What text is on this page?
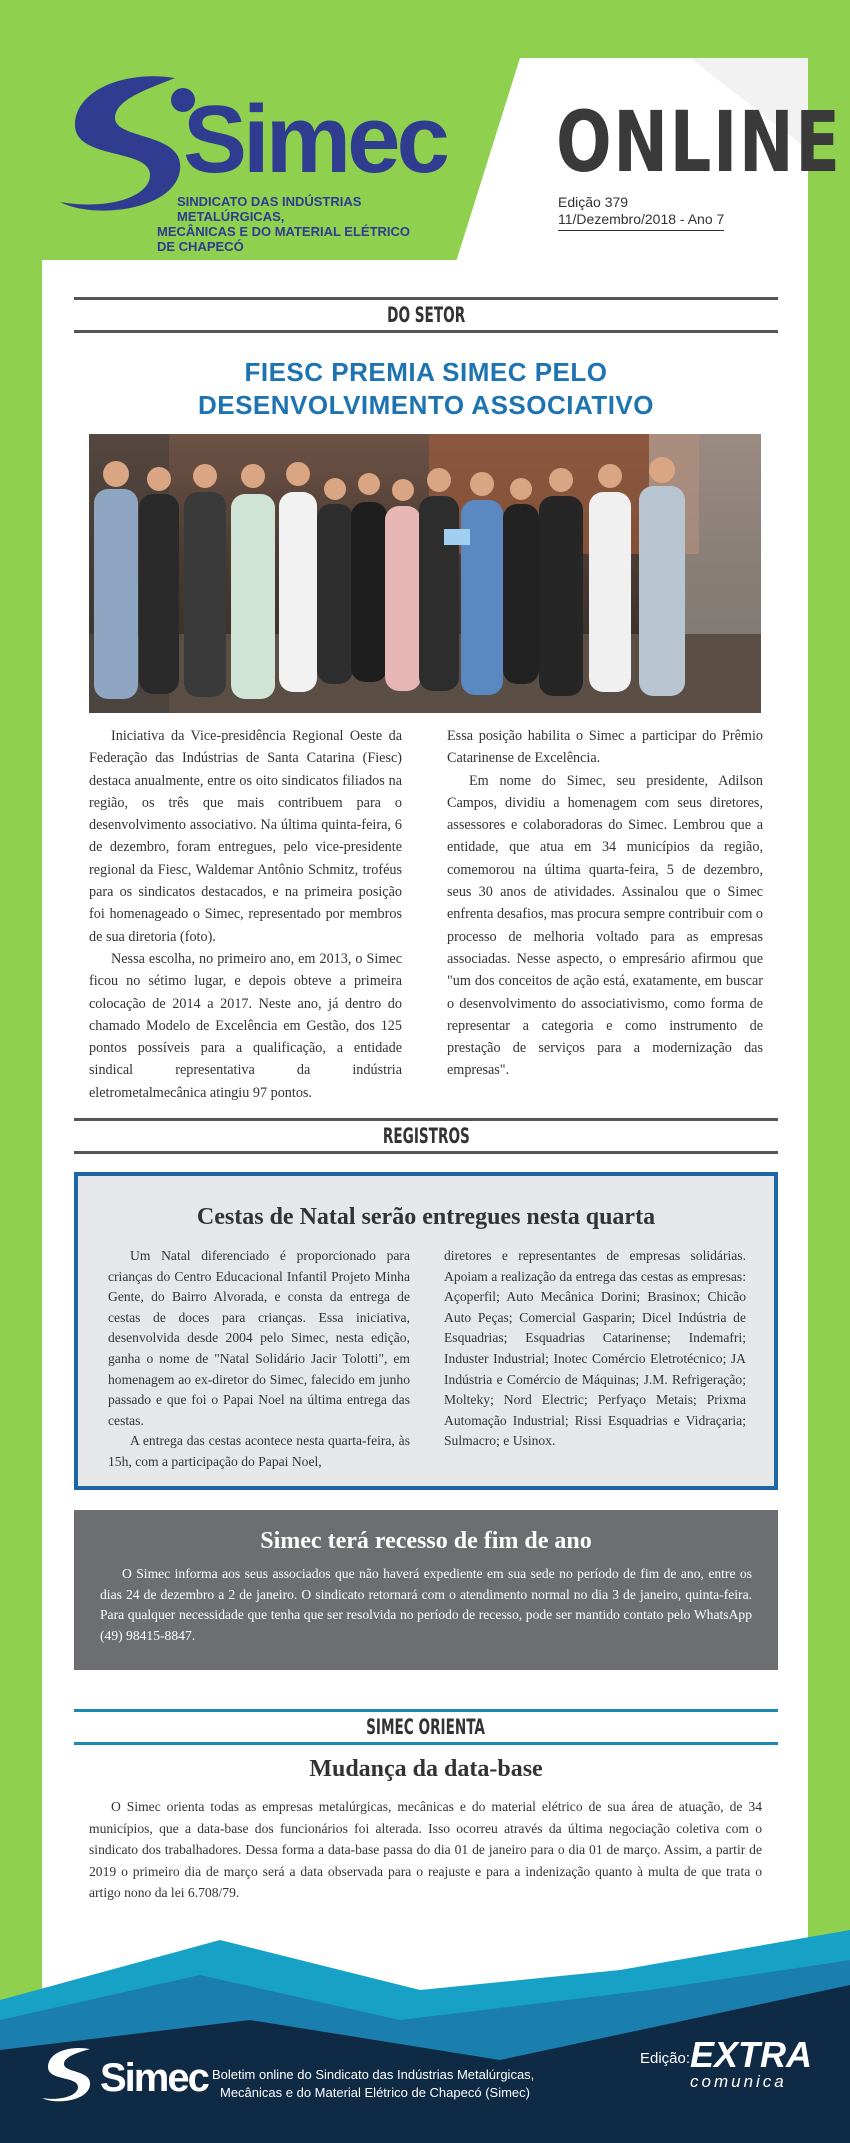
Simec
SINDICATO DAS INDÚSTRIAS METALÚRGICAS,
MECÂNICAS E DO MATERIAL ELÉTRICO DE CHAPECÓ
ONLINE
Edição 379
11/Dezembro/2018 - Ano 7
DO SETOR
FIESC PREMIA SIMEC PELO
DESENVOLVIMENTO ASSOCIATIVO

Iniciativa da Vice-presidência Regional Oeste da Federação das Indústrias de Santa Catarina (Fiesc) destaca anualmente, entre os oito sindicatos filiados na região, os três que mais contribuem para o desenvolvimento associativo. Na última quinta-feira, 6 de dezembro, foram entregues, pelo vice-presidente regional da Fiesc, Waldemar Antônio Schmitz, troféus para os sindicatos destacados, e na primeira posição foi homenageado o Simec, representado por membros de sua diretoria (foto).

Nessa escolha, no primeiro ano, em 2013, o Simec ficou no sétimo lugar, e depois obteve a primeira colocação de 2014 a 2017. Neste ano, já dentro do chamado Modelo de Excelência em Gestão, dos 125 pontos possíveis para a qualificação, a entidade sindical representativa da indústria eletrometalmecânica atingiu 97 pontos.

Essa posição habilita o Simec a participar do Prêmio Catarinense de Excelência.

Em nome do Simec, seu presidente, Adilson Campos, dividiu a homenagem com seus diretores, assessores e colaboradoras do Simec. Lembrou que a entidade, que atua em 34 municípios da região, comemorou na última quarta-feira, 5 de dezembro, seus 30 anos de atividades. Assinalou que o Simec enfrenta desafios, mas procura sempre contribuir com o processo de melhoria voltado para as empresas associadas. Nesse aspecto, o empresário afirmou que "um dos conceitos de ação está, exatamente, em buscar o desenvolvimento do associativismo, como forma de representar a categoria e como instrumento de prestação de serviços para a modernização das empresas".

REGISTROS
Cestas de Natal serão entregues nesta quarta

Um Natal diferenciado é proporcionado para crianças do Centro Educacional Infantil Projeto Minha Gente, do Bairro Alvorada, e consta da entrega de cestas de doces para crianças. Essa iniciativa, desenvolvida desde 2004 pelo Simec, nesta edição, ganha o nome de "Natal Solidário Jacir Tolotti", em homenagem ao ex-diretor do Simec, falecido em junho passado e que foi o Papai Noel na última entrega das cestas.

A entrega das cestas acontece nesta quarta-feira, às 15h, com a participação do Papai Noel,

diretores e representantes de empresas solidárias. Apoiam a realização da entrega das cestas as empresas: Açoperfil; Auto Mecânica Dorini; Brasinox; Chicão Auto Peças; Comercial Gasparin; Dicel Indústria de Esquadrias; Esquadrias Catarinense; Indemafri; Induster Industrial; Inotec Comércio Eletrotécnico; JA Indústria e Comércio de Máquinas; J.M. Refrigeração; Molteky; Nord Electric; Perfyaço Metais; Prixma Automação Industrial; Rissi Esquadrias e Vidraçaria; Sulmacro; e Usinox.

Simec terá recesso de fim de ano
O Simec informa aos seus associados que não haverá expediente em sua sede no período de fim de ano, entre os dias 24 de dezembro a 2 de janeiro. O sindicato retornará com o atendimento normal no dia 3 de janeiro, quinta-feira. Para qualquer necessidade que tenha que ser resolvida no período de recesso, pode ser mantido contato pelo WhatsApp (49) 98415-8847.
SIMEC ORIENTA
Mudança da data-base
O Simec orienta todas as empresas metalúrgicas, mecânicas e do material elétrico de sua área de atuação, de 34 municípios, que a data-base dos funcionários foi alterada. Isso ocorreu através da última negociação coletiva com o sindicato dos trabalhadores. Dessa forma a data-base passa do dia 01 de janeiro para o dia 01 de março. Assim, a partir de 2019 o primeiro dia de março será a data observada para o reajuste e para a indenização quanto à multa de que trata o artigo nono da lei 6.708/79.
Simec Boletim online do Sindicato das Indústrias Metalúrgicas,
Mecânicas e do Material Elétrico de Chapecó (Simec)
Edição: EXTRA
comunica
